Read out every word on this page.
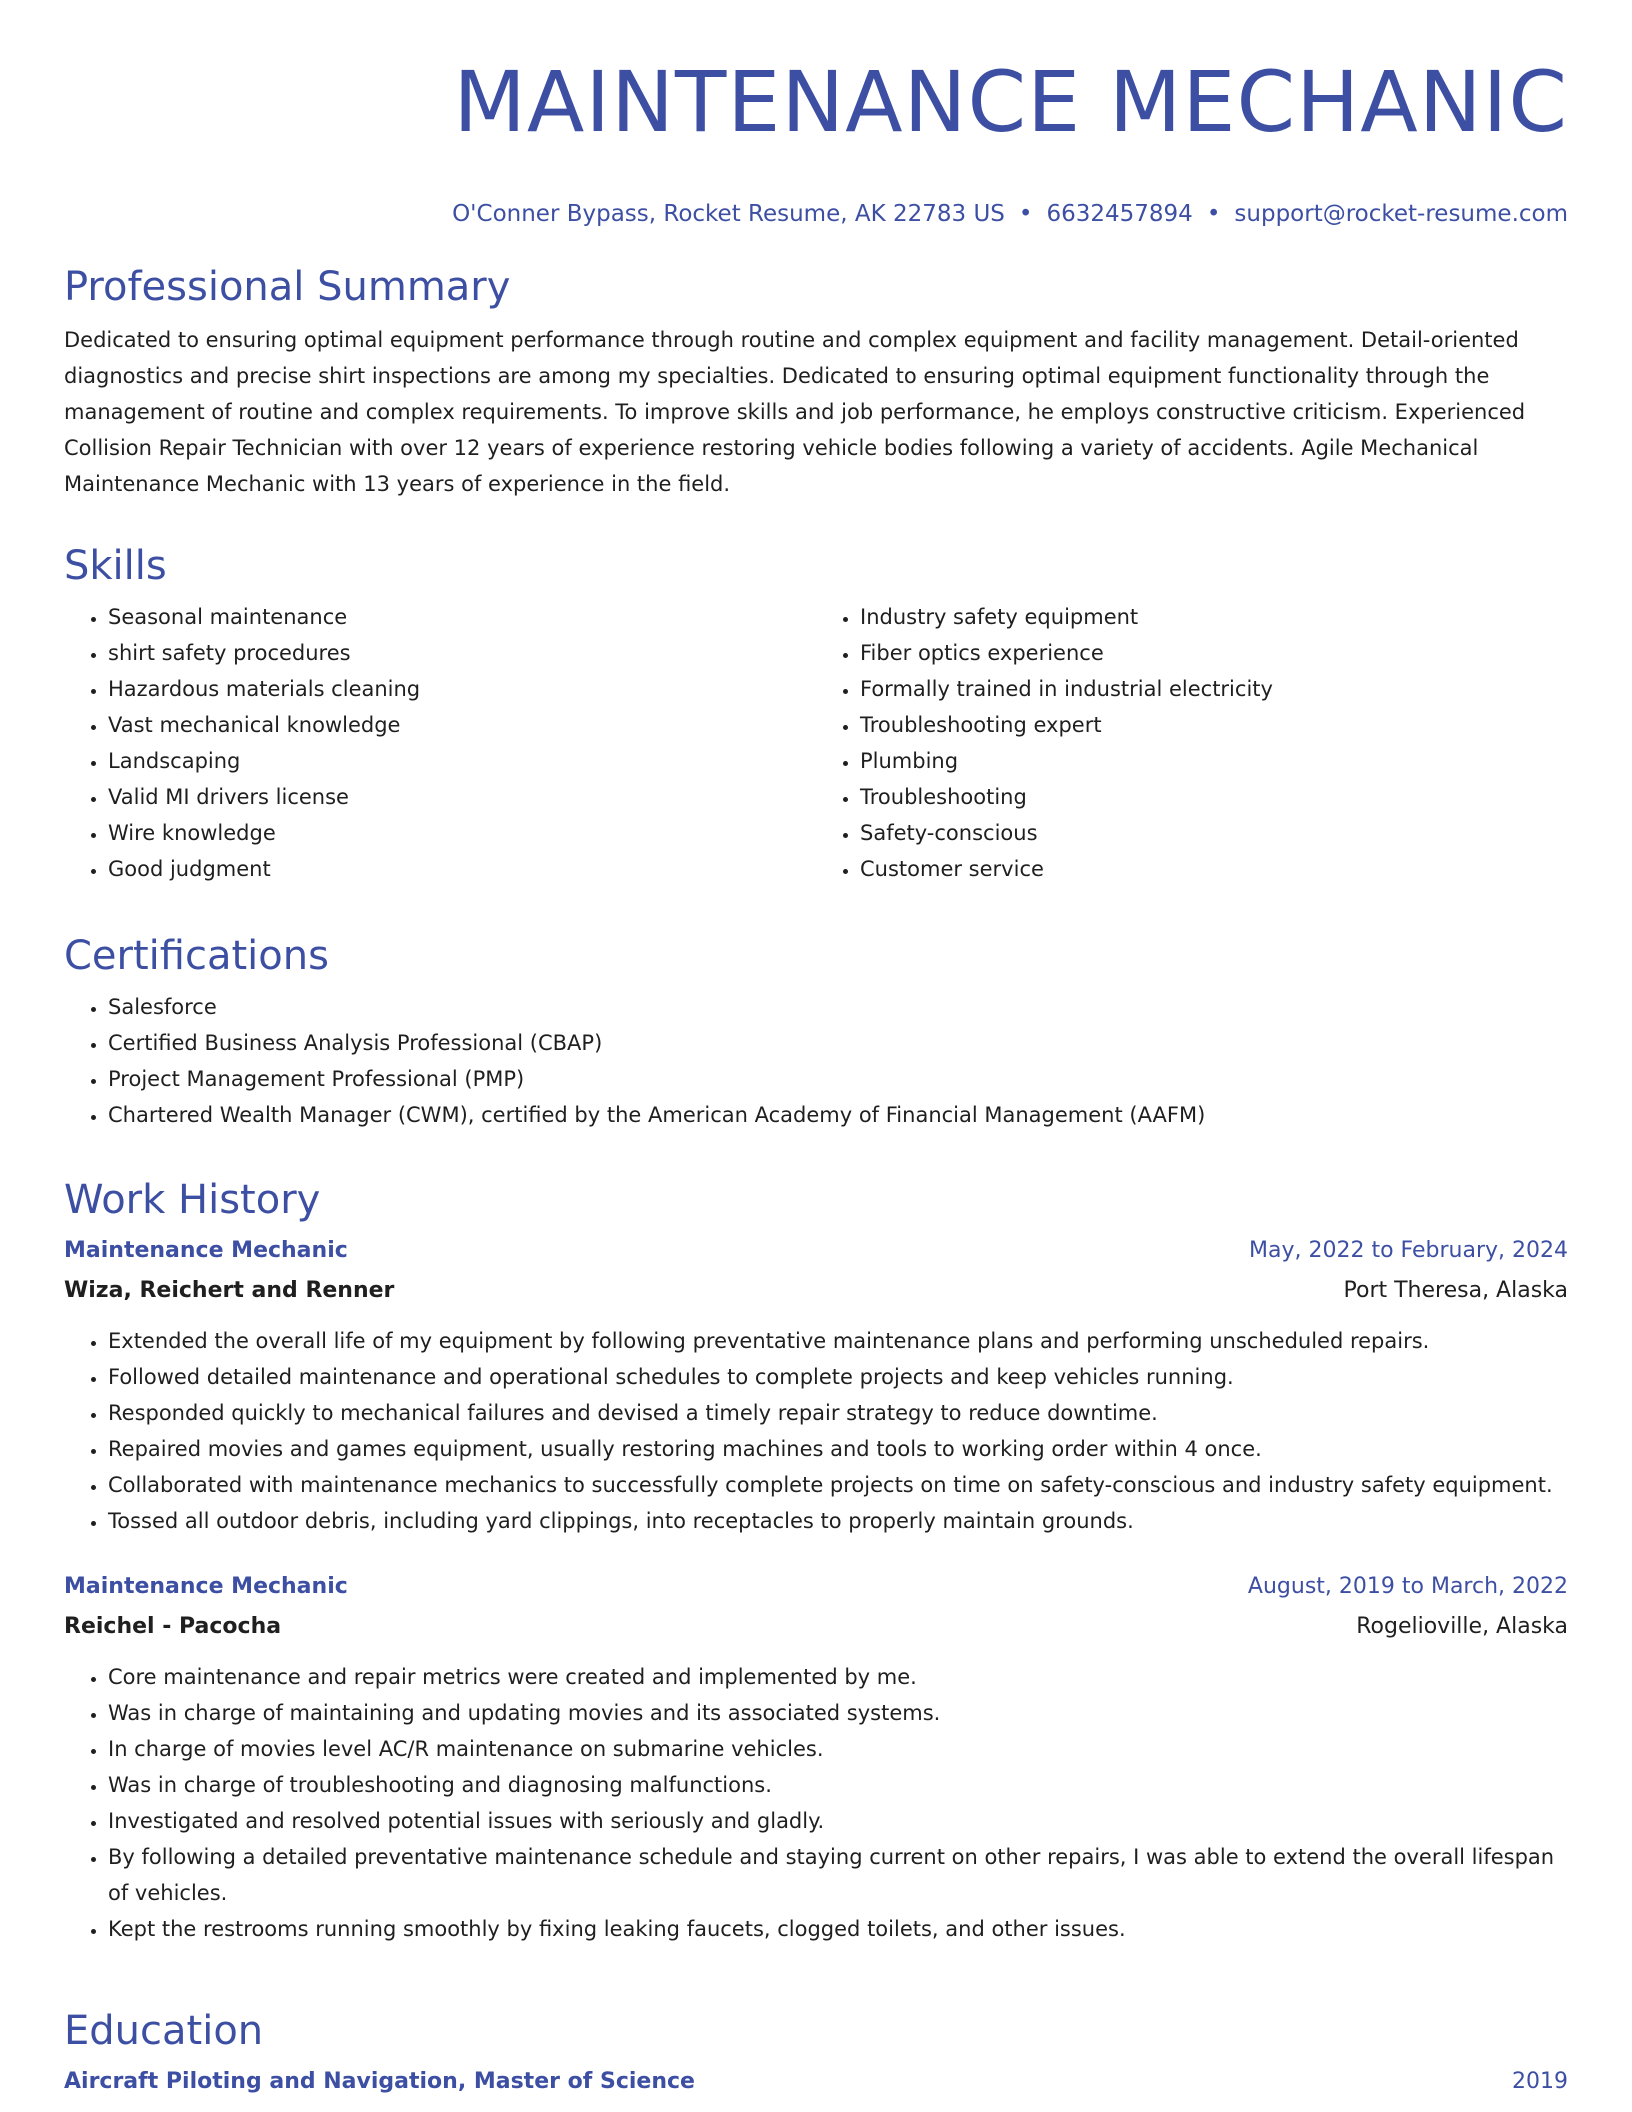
MAINTENANCE MECHANIC
O'Conner Bypass, Rocket Resume, AK 22783 US • 6632457894 • support@rocket-resume.com
Professional Summary

Dedicated to ensuring optimal equipment performance through routine and complex equipment and facility management. Detail-oriented diagnostics and precise shirt inspections are among my specialties. Dedicated to ensuring optimal equipment functionality through the management of routine and complex requirements. To improve skills and job performance, he employs constructive criticism. Experienced Collision Repair Technician with over 12 years of experience restoring vehicle bodies following a variety of accidents. Agile Mechanical Maintenance Mechanic with 13 years of experience in the field.

Skills
• Seasonal maintenance
• shirt safety procedures
• Hazardous materials cleaning
• Vast mechanical knowledge
• Landscaping
• Valid MI drivers license
• Wire knowledge
• Good judgment
• Industry safety equipment
• Fiber optics experience
• Formally trained in industrial electricity
• Troubleshooting expert
• Plumbing
• Troubleshooting
• Safety-conscious
• Customer service
Certifications
• Salesforce
• Certified Business Analysis Professional (CBAP)
• Project Management Professional (PMP)
• Chartered Wealth Manager (CWM), certified by the American Academy of Financial Management (AAFM)
Work History
Maintenance Mechanic	May, 2022 to February, 2024
Wiza, Reichert and Renner	Port Theresa, Alaska
• Extended the overall life of my equipment by following preventative maintenance plans and performing unscheduled repairs.
• Followed detailed maintenance and operational schedules to complete projects and keep vehicles running.
• Responded quickly to mechanical failures and devised a timely repair strategy to reduce downtime.
• Repaired movies and games equipment, usually restoring machines and tools to working order within 4 once.
• Collaborated with maintenance mechanics to successfully complete projects on time on safety-conscious and industry safety equipment.
• Tossed all outdoor debris, including yard clippings, into receptacles to properly maintain grounds.
Maintenance Mechanic	August, 2019 to March, 2022
Reichel - Pacocha	Rogelioville, Alaska
• Core maintenance and repair metrics were created and implemented by me.
• Was in charge of maintaining and updating movies and its associated systems.
• In charge of movies level AC/R maintenance on submarine vehicles.
• Was in charge of troubleshooting and diagnosing malfunctions.
• Investigated and resolved potential issues with seriously and gladly.
• By following a detailed preventative maintenance schedule and staying current on other repairs, I was able to extend the overall lifespan of vehicles.
• Kept the restrooms running smoothly by fixing leaking faucets, clogged toilets, and other issues.
Education
Aircraft Piloting and Navigation, Master of Science	2019
